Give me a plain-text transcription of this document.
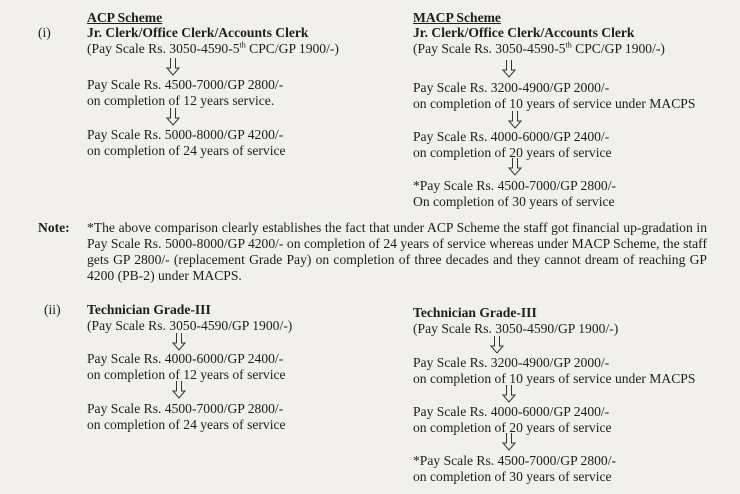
(i)
ACP Scheme
Jr. Clerk/Office Clerk/Accounts Clerk
(Pay Scale Rs. 3050-4590-5th CPC/GP 1900/-)
Pay Scale Rs. 4500-7000/GP 2800/-
on completion of 12 years service.
Pay Scale Rs. 5000-8000/GP 4200/-
on completion of 24 years of service
MACP Scheme
Jr. Clerk/Office Clerk/Accounts Clerk
(Pay Scale Rs. 3050-4590-5th CPC/GP 1900/-)
Pay Scale Rs. 3200-4900/GP 2000/-
on completion of 10 years of service under MACPS
Pay Scale Rs. 4000-6000/GP 2400/-
on completion of 20 years of service
*Pay Scale Rs. 4500-7000/GP 2800/-
On completion of 30 years of service
Note: *The above comparison clearly establishes the fact that under ACP Scheme the staff got financial up-gradation in Pay Scale Rs. 5000-8000/GP 4200/- on completion of 24 years of service whereas under MACP Scheme, the staff gets GP 2800/- (replacement Grade Pay) on completion of three decades and they cannot dream of reaching GP 4200 (PB-2) under MACPS.
(ii) Technician Grade-III
(Pay Scale Rs. 3050-4590/GP 1900/-)
Pay Scale Rs. 4000-6000/GP 2400/-
on completion of 12 years of service
Pay Scale Rs. 4500-7000/GP 2800/-
on completion of 24 years of service
Technician Grade-III
(Pay Scale Rs. 3050-4590/GP 1900/-)
Pay Scale Rs. 3200-4900/GP 2000/-
on completion of 10 years of service under MACPS
Pay Scale Rs. 4000-6000/GP 2400/-
on completion of 20 years of service
*Pay Scale Rs. 4500-7000/GP 2800/-
on completion of 30 years of service
